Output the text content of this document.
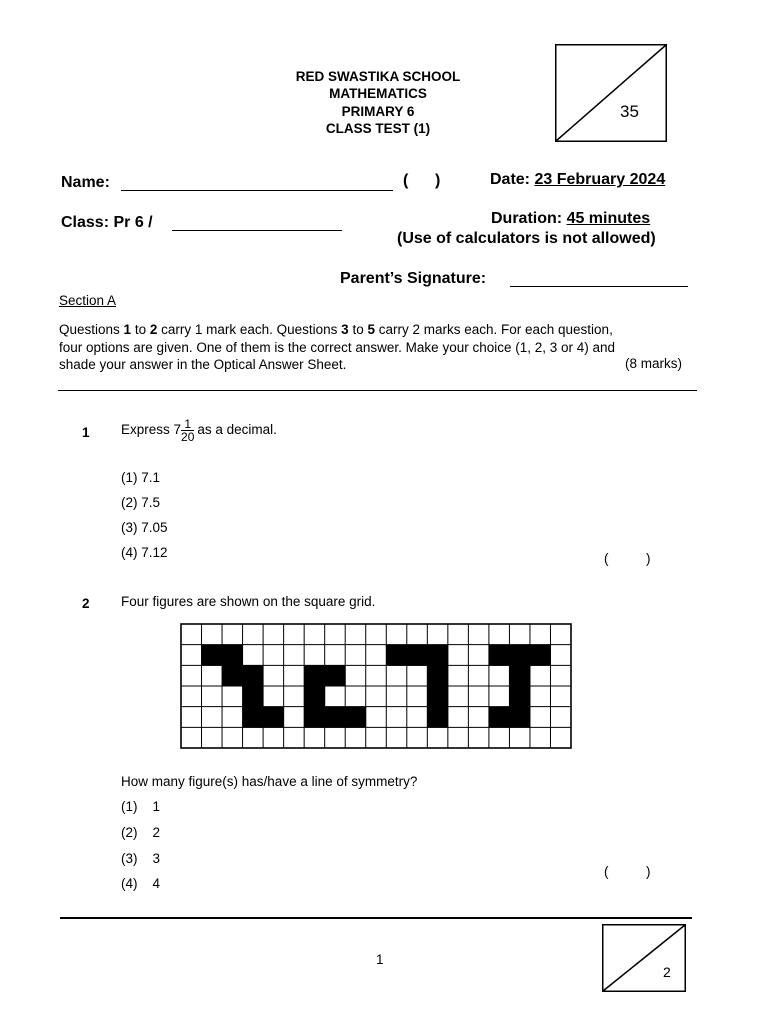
RED SWASTIKA SCHOOL
MATHEMATICS
PRIMARY 6
CLASS TEST (1)
35
Name:	(      )	Date: 23 February 2024
Class: Pr 6 /	Duration: 45 minutes
(Use of calculators is not allowed)
Parent’s Signature:
Section A
Questions 1 to 2 carry 1 mark each. Questions 3 to 5 carry 2 marks each. For each question,
four options are given. One of them is the correct answer. Make your choice (1, 2, 3 or 4) and
shade your answer in the Optical Answer Sheet.	(8 marks)
1 Express $7 \frac{1}{20}$ as a decimal.
(1) 7.1
(2) 7.5
(3) 7.05
(4) 7.12	(          )
2 Four figures are shown on the square grid.
How many figure(s) has/have a line of symmetry?
(1)    1
(2)    2
(3)    3
(4)    4
(          )
1
2
